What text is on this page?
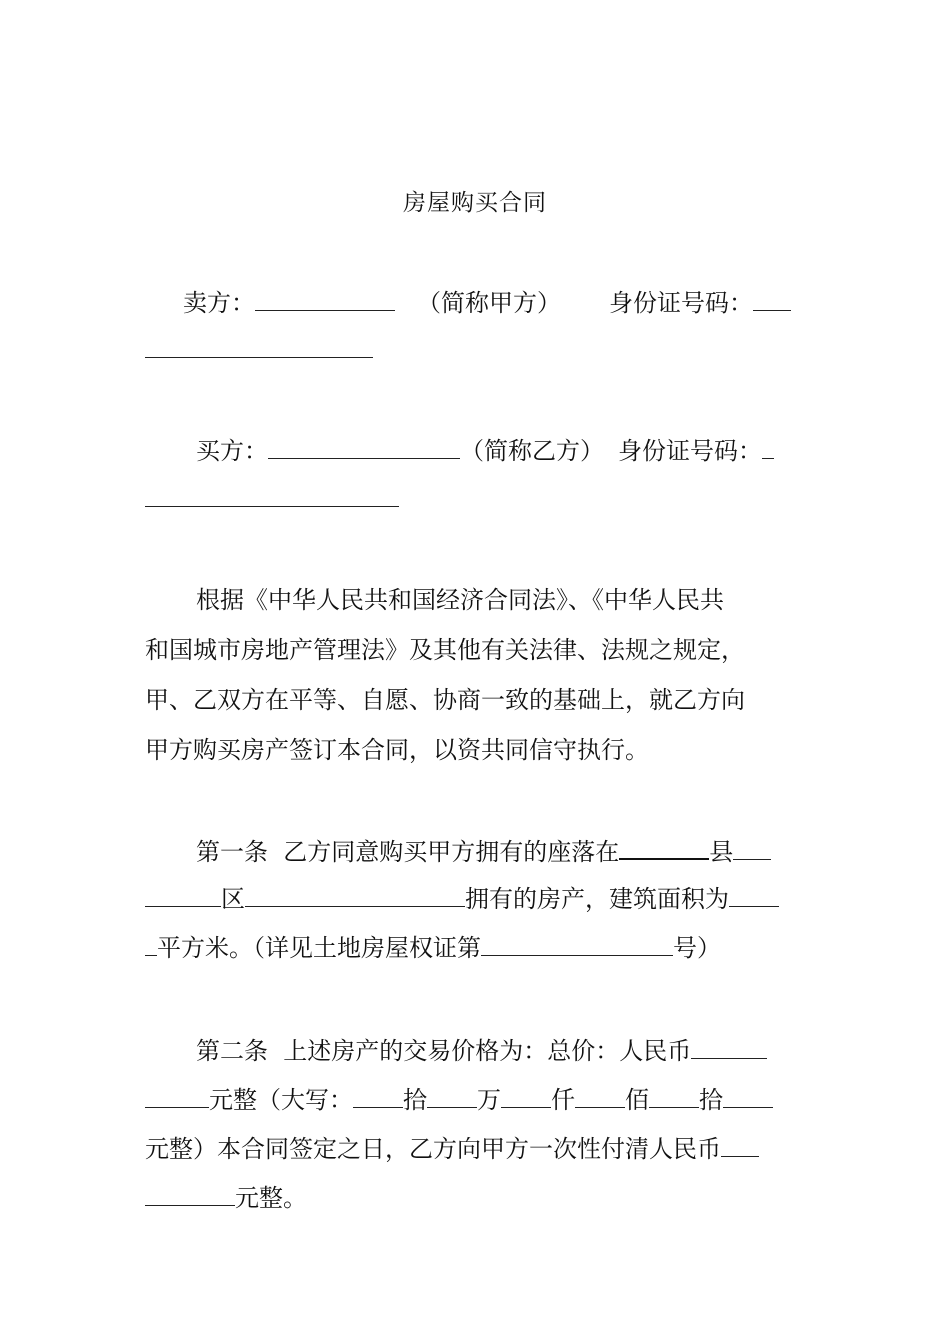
房屋购买合同
卖方：	（简称甲方） 身份证号码：
买方：	（简称乙方） 身份证号码：
根据《中华人民共和国经济合同法》、《中华人民共
和国城市房地产管理法》及其他有关法律、法规之规定，
甲、乙双方在平等、自愿、协商一致的基础上，就乙方向
甲方购买房产签订本合同，以资共同信守执行。
第一条  乙方同意购买甲方拥有的座落在	县
区	拥有的房产，建筑面积为
平方米。（详见土地房屋权证第	号）
第二条  上述房产的交易价格为：总价：人民币
元整（大写： 拾 万 仟 佰 拾
元整）本合同签定之日，乙方向甲方一次性付清人民币
元整。
